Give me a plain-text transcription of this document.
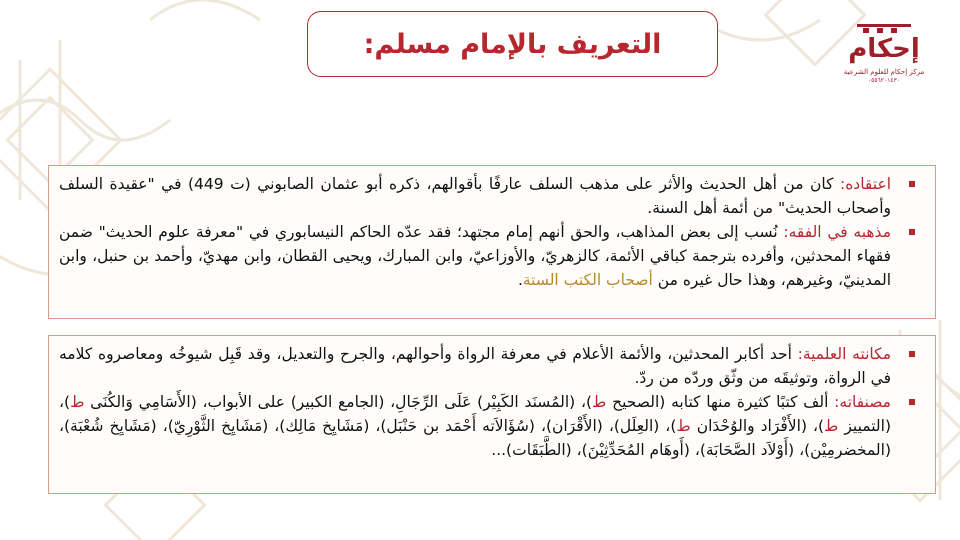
التعريف بالإمام مسلم:	إحكام
مركز إحكام للعلوم الشرعية
٠٥٥٦٢٠١٤٣٠
اعتقاده: كان من أهل الحديث والأثر على مذهب السلف عارفًا بأقوالهم، ذكره أبو عثمان الصابوني (ت 449) في "عقيدة السلف وأصحاب الحديث" من أئمة أهل السنة.
مذهبه في الفقه: نُسب إلى بعض المذاهب، والحق أنهم إمام مجتهد؛ فقد عدّه الحاكم النيسابوري في "معرفة علوم الحديث" ضمن فقهاء المحدثين، وأفرده بترجمة كباقي الأئمة، كالزهريّ، والأوزاعيّ، وابن المبارك، ويحيى القطان، وابن مهديّ، وأحمد بن حنبل، وابن المدينيّ، وغيرهم، وهذا حال غيره من أصحاب الكتب الستة.
مكانته العلمية: أحد أكابر المحدثين، والأئمة الأعلام في معرفة الرواة وأحوالهم، والجرح والتعديل، وقد قَبِل شيوخُه ومعاصروه كلامه في الرواة، وتوثيقَه من وثّق وردّه من ردّ.
مصنفاته: ألف كتبًا كثيرة منها كتابه (الصحيح ط)، (المُسنَد الكَبِيْر) عَلَى الرِّجَالِ، (الجامع الكبير) على الأبواب، (الأَسَامِي وَالكُنَى ط)، (التمييز ط)، (الأَفْرَاد والوُحْدَان ط)، (العِلَل)، (الأَقْرَان)، (سُؤَالاَته أَحْمَد بن حَنْبَل)، (مَشَايِخ مَالِك)، (مَشَايِخ الثَّوْرِيّ)، (مَشَايِخ شُعْبَة)، (المخضرمِيْن)، (أَوْلاَد الصَّحَابَة)، (أَوهَام المُحَدِّثِيْنَ)، (الطَّبَقَات)...
